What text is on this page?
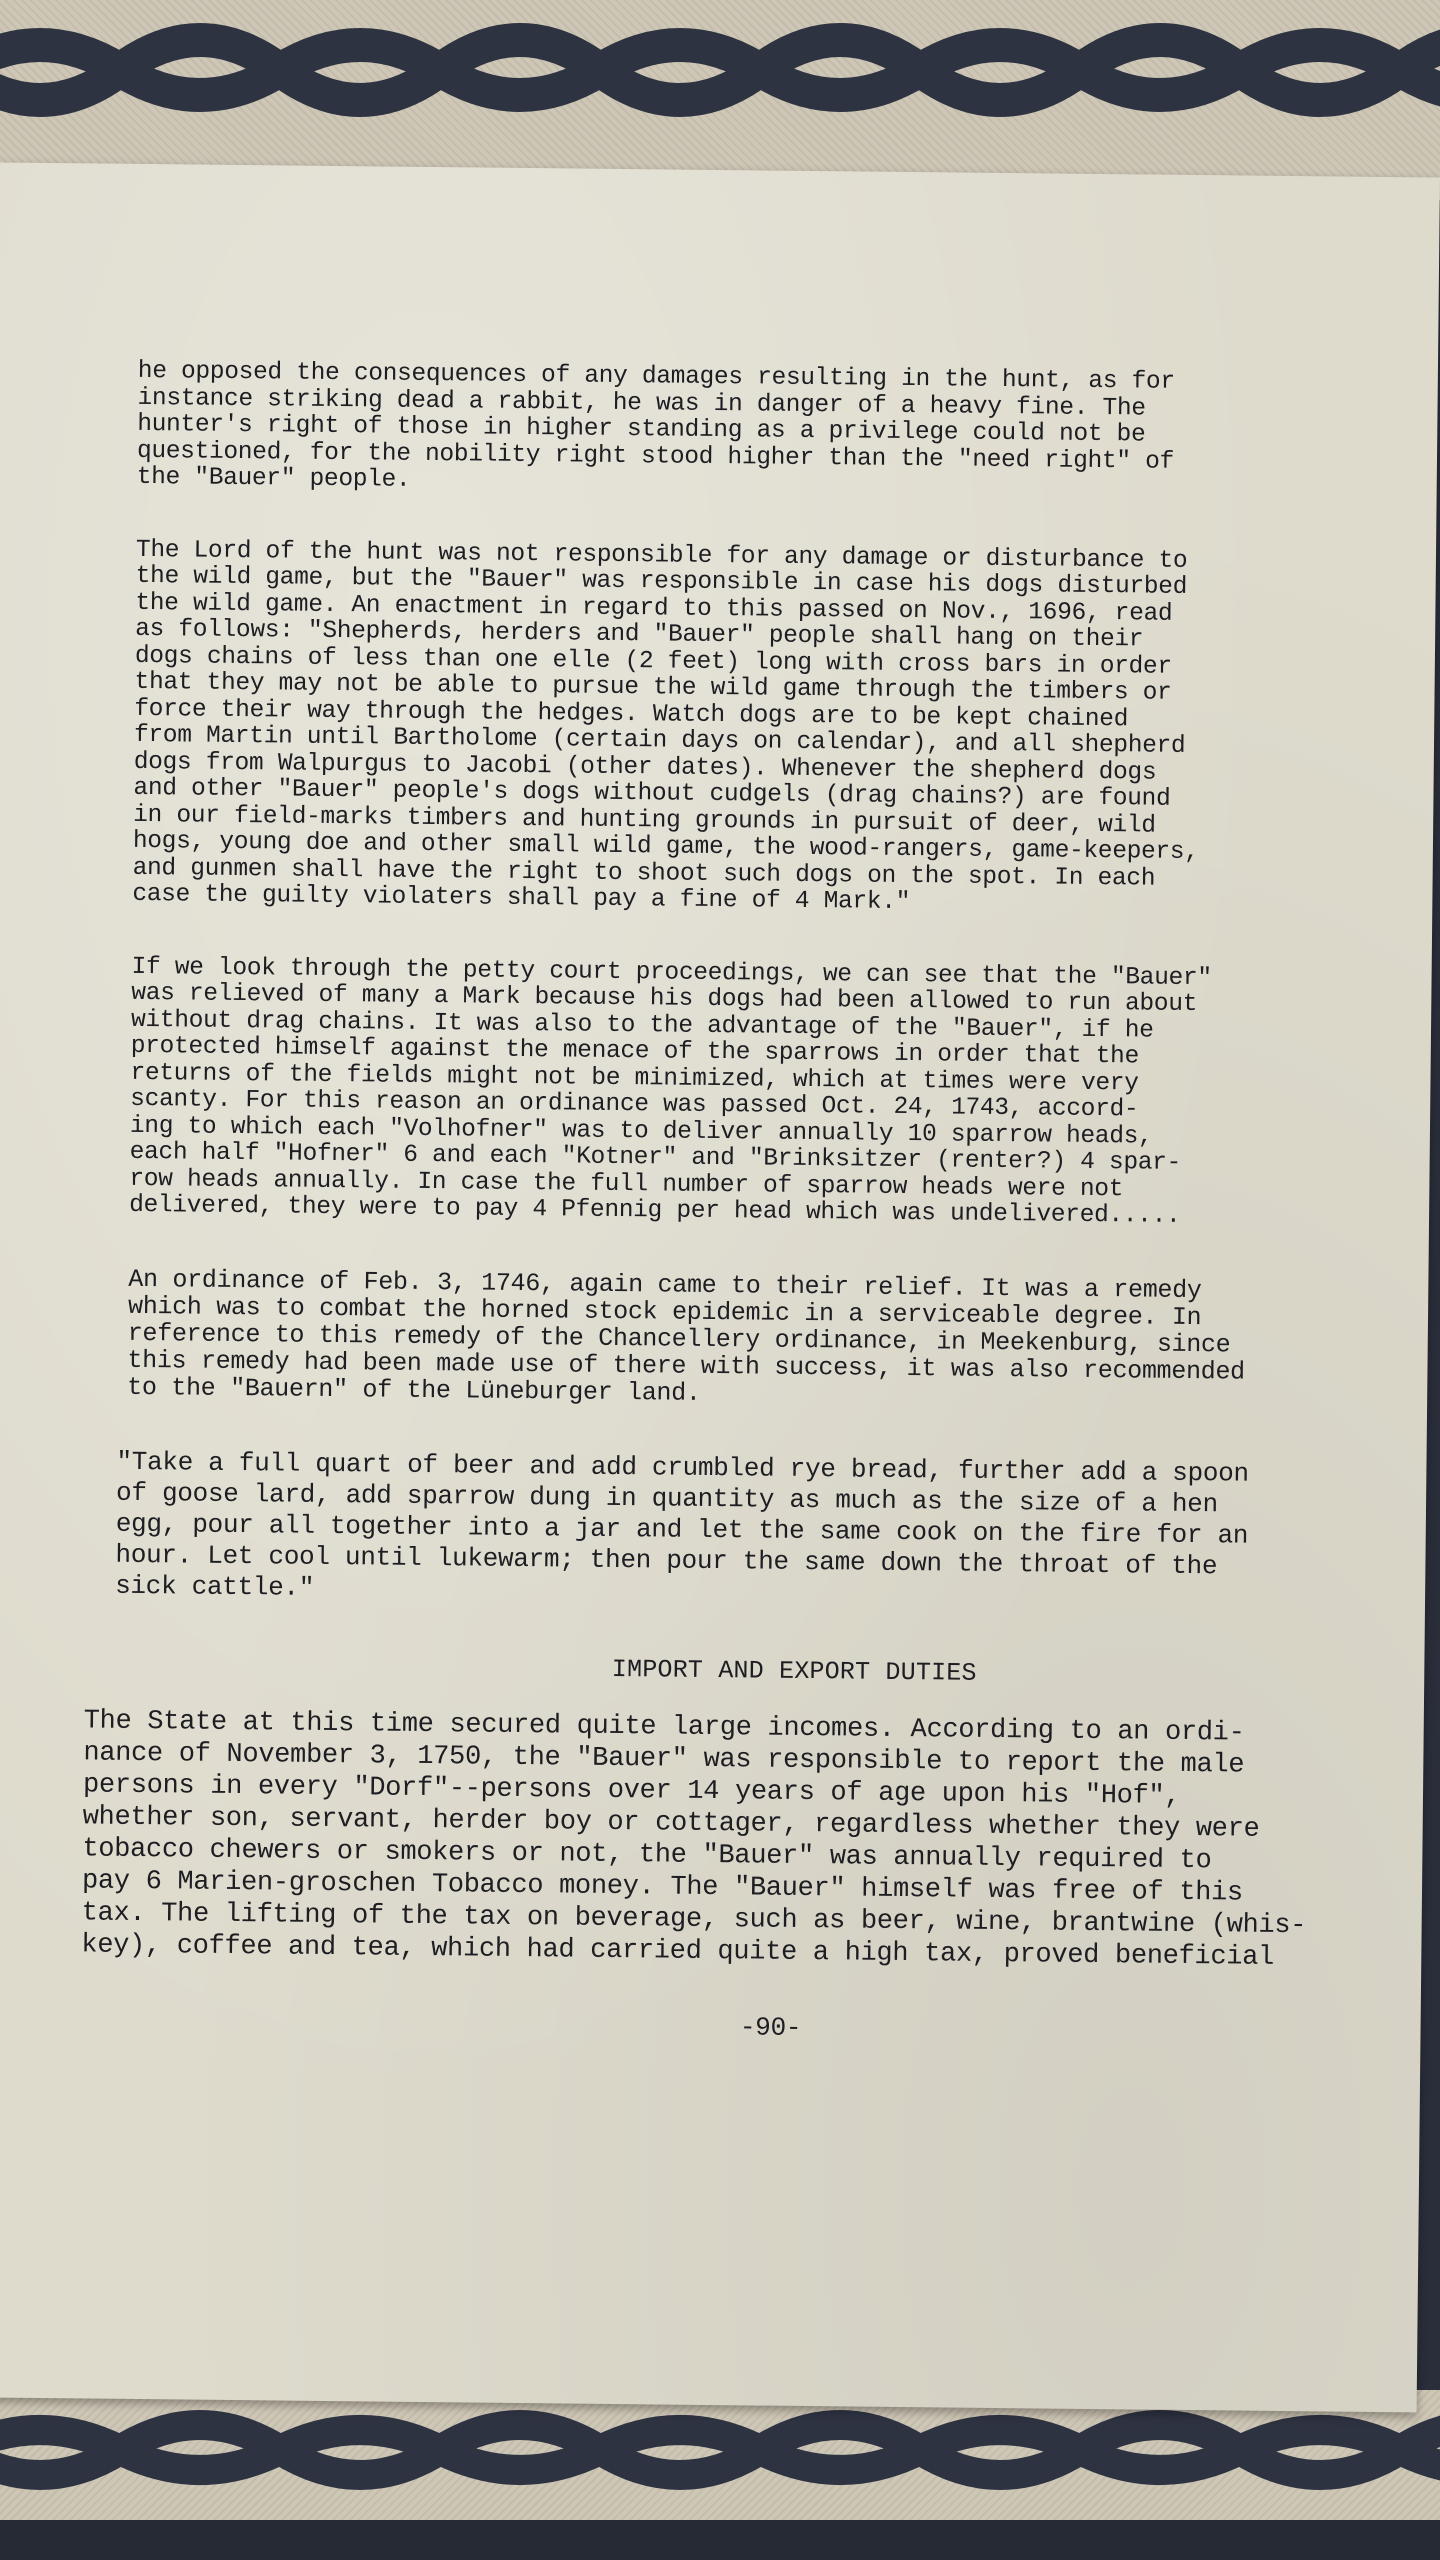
he opposed the consequences of any damages resulting in the hunt, as for
instance striking dead a rabbit, he was in danger of a heavy fine. The
hunter's right of those in higher standing as a privilege could not be
questioned, for the nobility right stood higher than the "need right" of
the "Bauer" people.
The Lord of the hunt was not responsible for any damage or disturbance to
the wild game, but the "Bauer" was responsible in case his dogs disturbed
the wild game. An enactment in regard to this passed on Nov., 1696, read
as follows: "Shepherds, herders and "Bauer" people shall hang on their
dogs chains of less than one elle (2 feet) long with cross bars in order
that they may not be able to pursue the wild game through the timbers or
force their way through the hedges. Watch dogs are to be kept chained
from Martin until Bartholome (certain days on calendar), and all shepherd
dogs from Walpurgus to Jacobi (other dates). Whenever the shepherd dogs
and other "Bauer" people's dogs without cudgels (drag chains?) are found
in our field-marks timbers and hunting grounds in pursuit of deer, wild
hogs, young doe and other small wild game, the wood-rangers, game-keepers,
and gunmen shall have the right to shoot such dogs on the spot. In each
case the guilty violaters shall pay a fine of 4 Mark."
If we look through the petty court proceedings, we can see that the "Bauer"
was relieved of many a Mark because his dogs had been allowed to run about
without drag chains. It was also to the advantage of the "Bauer", if he
protected himself against the menace of the sparrows in order that the
returns of the fields might not be minimized, which at times were very
scanty. For this reason an ordinance was passed Oct. 24, 1743, accord-
ing to which each "Volhofner" was to deliver annually 10 sparrow heads,
each half "Hofner" 6 and each "Kotner" and "Brinksitzer (renter?) 4 spar-
row heads annually. In case the full number of sparrow heads were not
delivered, they were to pay 4 Pfennig per head which was undelivered.....
An ordinance of Feb. 3, 1746, again came to their relief. It was a remedy
which was to combat the horned stock epidemic in a serviceable degree. In
reference to this remedy of the Chancellery ordinance, in Meekenburg, since
this remedy had been made use of there with success, it was also recommended
to the "Bauern" of the Lüneburger land.
"Take a full quart of beer and add crumbled rye bread, further add a spoon
of goose lard, add sparrow dung in quantity as much as the size of a hen
egg, pour all together into a jar and let the same cook on the fire for an
hour. Let cool until lukewarm; then pour the same down the throat of the
sick cattle."
IMPORT AND EXPORT DUTIES
The State at this time secured quite large incomes. According to an ordi-
nance of November 3, 1750, the "Bauer" was responsible to report the male
persons in every "Dorf"--persons over 14 years of age upon his "Hof",
whether son, servant, herder boy or cottager, regardless whether they were
tobacco chewers or smokers or not, the "Bauer" was annually required to
pay 6 Marien-groschen Tobacco money. The "Bauer" himself was free of this
tax. The lifting of the tax on beverage, such as beer, wine, brantwine (whis-
key), coffee and tea, which had carried quite a high tax, proved beneficial
-90-
